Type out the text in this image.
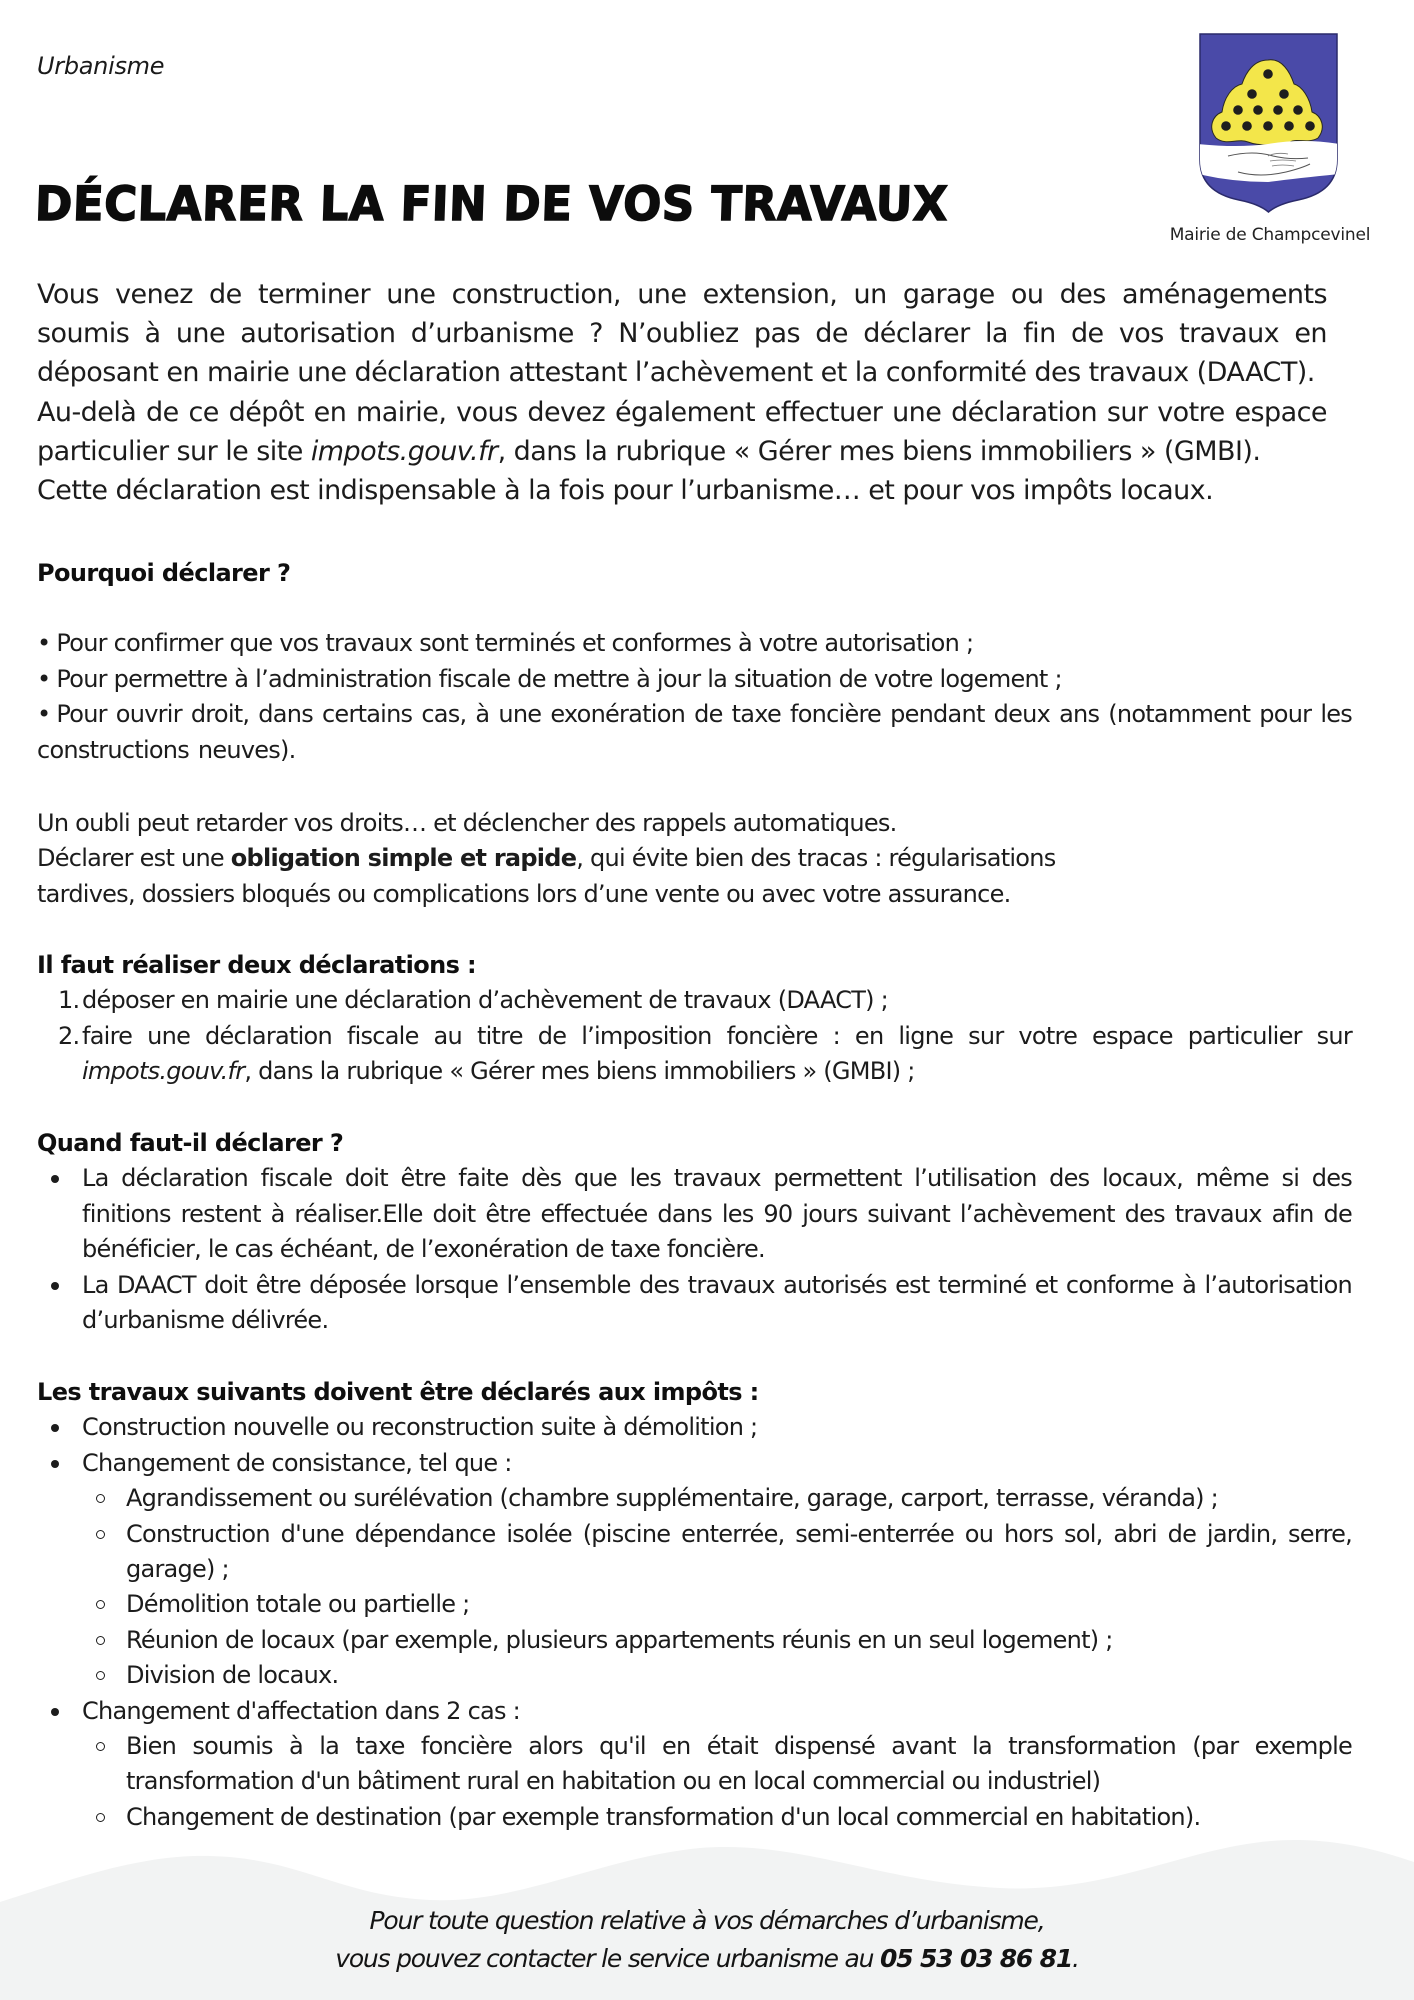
Urbanisme
DÉCLARER LA FIN DE VOS TRAVAUX
Mairie de Champcevinel

Vous venez de terminer une construction, une extension, un garage ou des aménagements soumis à une autorisation d’urbanisme ? N’oubliez pas de déclarer la fin de vos travaux en déposant en mairie une déclaration attestant l’achèvement et la conformité des travaux (DAACT).

Au-delà de ce dépôt en mairie, vous devez également effectuer une déclaration sur votre espace particulier sur le site impots.gouv.fr, dans la rubrique « Gérer mes biens immobiliers » (GMBI).

Cette déclaration est indispensable à la fois pour l’urbanisme… et pour vos impôts locaux.

Pourquoi déclarer ?
• Pour confirmer que vos travaux sont terminés et conformes à votre autorisation ;
• Pour permettre à l’administration fiscale de mettre à jour la situation de votre logement ;
• Pour ouvrir droit, dans certains cas, à une exonération de taxe foncière pendant deux ans (notamment pour les constructions neuves).
Un oubli peut retarder vos droits… et déclencher des rappels automatiques.
Déclarer est une obligation simple et rapide, qui évite bien des tracas : régularisations
tardives, dossiers bloqués ou complications lors d’une vente ou avec votre assurance.
Il faut réaliser deux déclarations :
1. déposer en mairie une déclaration d’achèvement de travaux (DAACT) ;
2. faire une déclaration fiscale au titre de l’imposition foncière : en ligne sur votre espace particulier sur impots.gouv.fr, dans la rubrique « Gérer mes biens immobiliers » (GMBI) ;
Quand faut-il déclarer ?
La déclaration fiscale doit être faite dès que les travaux permettent l’utilisation des locaux, même si des finitions restent à réaliser.Elle doit être effectuée dans les 90 jours suivant l’achèvement des travaux afin de bénéficier, le cas échéant, de l’exonération de taxe foncière.
La DAACT doit être déposée lorsque l’ensemble des travaux autorisés est terminé et conforme à l’autorisation d’urbanisme délivrée.
Les travaux suivants doivent être déclarés aux impôts :
Construction nouvelle ou reconstruction suite à démolition ;
Changement de consistance, tel que :
Agrandissement ou surélévation (chambre supplémentaire, garage, carport, terrasse, véranda) ;
Construction d'une dépendance isolée (piscine enterrée, semi-enterrée ou hors sol, abri de jardin, serre, garage) ;
Démolition totale ou partielle ;
Réunion de locaux (par exemple, plusieurs appartements réunis en un seul logement) ;
Division de locaux.
Changement d'affectation dans 2 cas :
Bien soumis à la taxe foncière alors qu'il en était dispensé avant la transformation (par exemple transformation d'un bâtiment rural en habitation ou en local commercial ou industriel)
Changement de destination (par exemple transformation d'un local commercial en habitation).
Pour toute question relative à vos démarches d’urbanisme,
vous pouvez contacter le service urbanisme au 05 53 03 86 81.
